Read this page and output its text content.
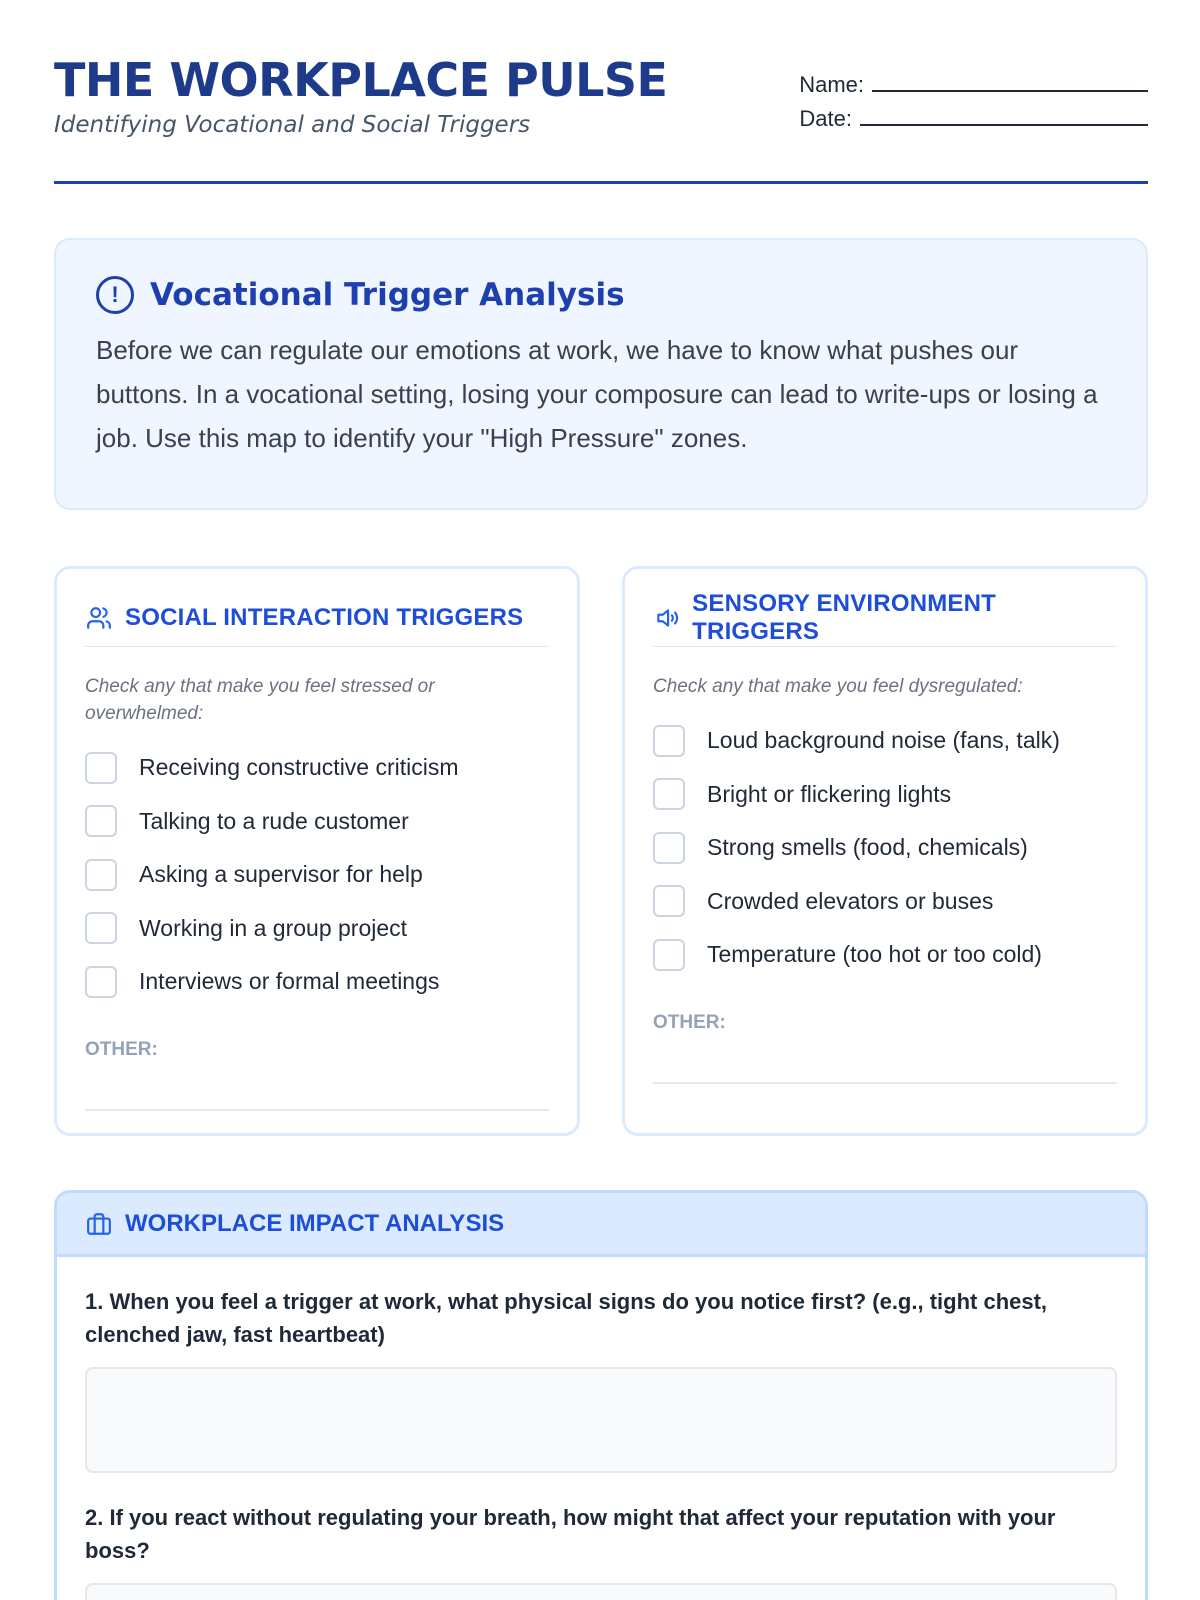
THE WORKPLACE PULSE
Identifying Vocational and Social Triggers
Name:
Date:
!	Vocational Trigger Analysis

Before we can regulate our emotions at work, we have to know what pushes our buttons. In a vocational setting, losing your composure can lead to write-ups or losing a job. Use this map to identify your "High Pressure" zones.

SOCIAL INTERACTION TRIGGERS

Check any that make you feel stressed or overwhelmed:

Receiving constructive criticism
Talking to a rude customer
Asking a supervisor for help
Working in a group project
Interviews or formal meetings
OTHER:
SENSORY ENVIRONMENT TRIGGERS

Check any that make you feel dysregulated:

Loud background noise (fans, talk)
Bright or flickering lights
Strong smells (food, chemicals)
Crowded elevators or buses
Temperature (too hot or too cold)
OTHER:
WORKPLACE IMPACT ANALYSIS

1. When you feel a trigger at work, what physical signs do you notice first? (e.g., tight chest, clenched jaw, fast heartbeat)

2. If you react without regulating your breath, how might that affect your reputation with your boss?
